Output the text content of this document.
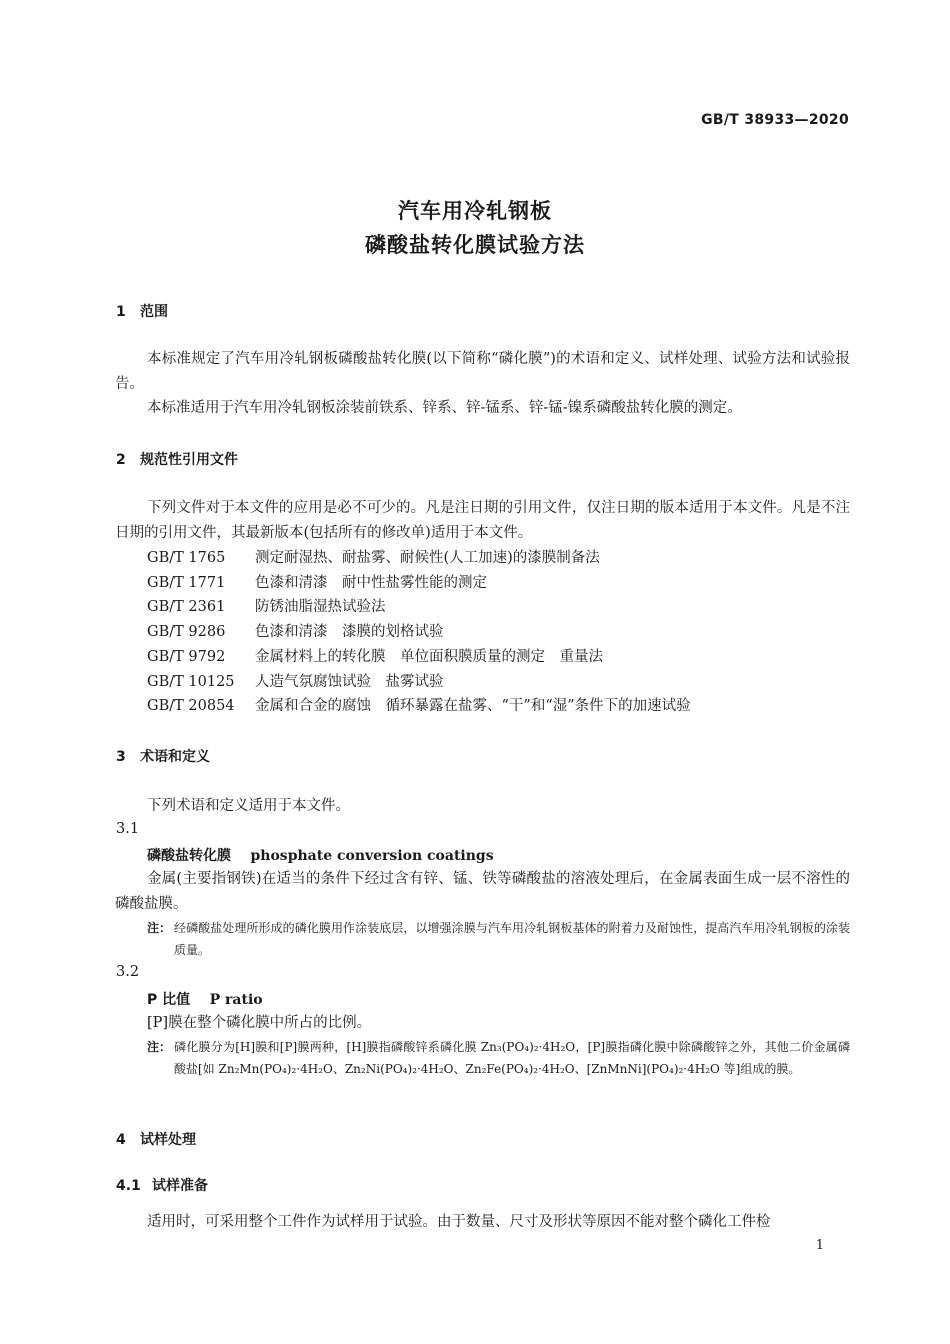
GB/T 38933—2020
汽车用冷轧钢板
磷酸盐转化膜试验方法
1 范围
本标准规定了汽车用冷轧钢板磷酸盐转化膜(以下简称“磷化膜”)的术语和定义、试样处理、试验方法和试验报告。
本标准适用于汽车用冷轧钢板涂装前铁系、锌系、锌-锰系、锌-锰-镍系磷酸盐转化膜的测定。
2 规范性引用文件
下列文件对于本文件的应用是必不可少的。凡是注日期的引用文件，仅注日期的版本适用于本文件。凡是不注日期的引用文件，其最新版本(包括所有的修改单)适用于本文件。
GB/T 1765 测定耐湿热、耐盐雾、耐候性(人工加速)的漆膜制备法
GB/T 1771 色漆和清漆　耐中性盐雾性能的测定
GB/T 2361 防锈油脂湿热试验法
GB/T 9286 色漆和清漆　漆膜的划格试验
GB/T 9792 金属材料上的转化膜　单位面积膜质量的测定　重量法
GB/T 10125 人造气氛腐蚀试验　盐雾试验
GB/T 20854 金属和合金的腐蚀　循环暴露在盐雾、“干”和“湿”条件下的加速试验
3 术语和定义
下列术语和定义适用于本文件。
3.1
磷酸盐转化膜 phosphate conversion coatings
金属(主要指钢铁)在适当的条件下经过含有锌、锰、铁等磷酸盐的溶液处理后，在金属表面生成一层不溶性的磷酸盐膜。
注： 经磷酸盐处理所形成的磷化膜用作涂装底层，以增强涂膜与汽车用冷轧钢板基体的附着力及耐蚀性，提高汽车用冷轧钢板的涂装质量。
3.2
P 比值 P ratio
[P]膜在整个磷化膜中所占的比例。
注： 磷化膜分为[H]膜和[P]膜两种，[H]膜指磷酸锌系磷化膜 Zn₃(PO₄)₂·4H₂O，[P]膜指磷化膜中除磷酸锌之外，其他二价金属磷酸盐[如 Zn₂Mn(PO₄)₂·4H₂O、Zn₂Ni(PO₄)₂·4H₂O、Zn₂Fe(PO₄)₂·4H₂O、[ZnMnNi](PO₄)₂·4H₂O 等]组成的膜。
4 试样处理
4.1 试样准备
适用时，可采用整个工件作为试样用于试验。由于数量、尺寸及形状等原因不能对整个磷化工件检
1
